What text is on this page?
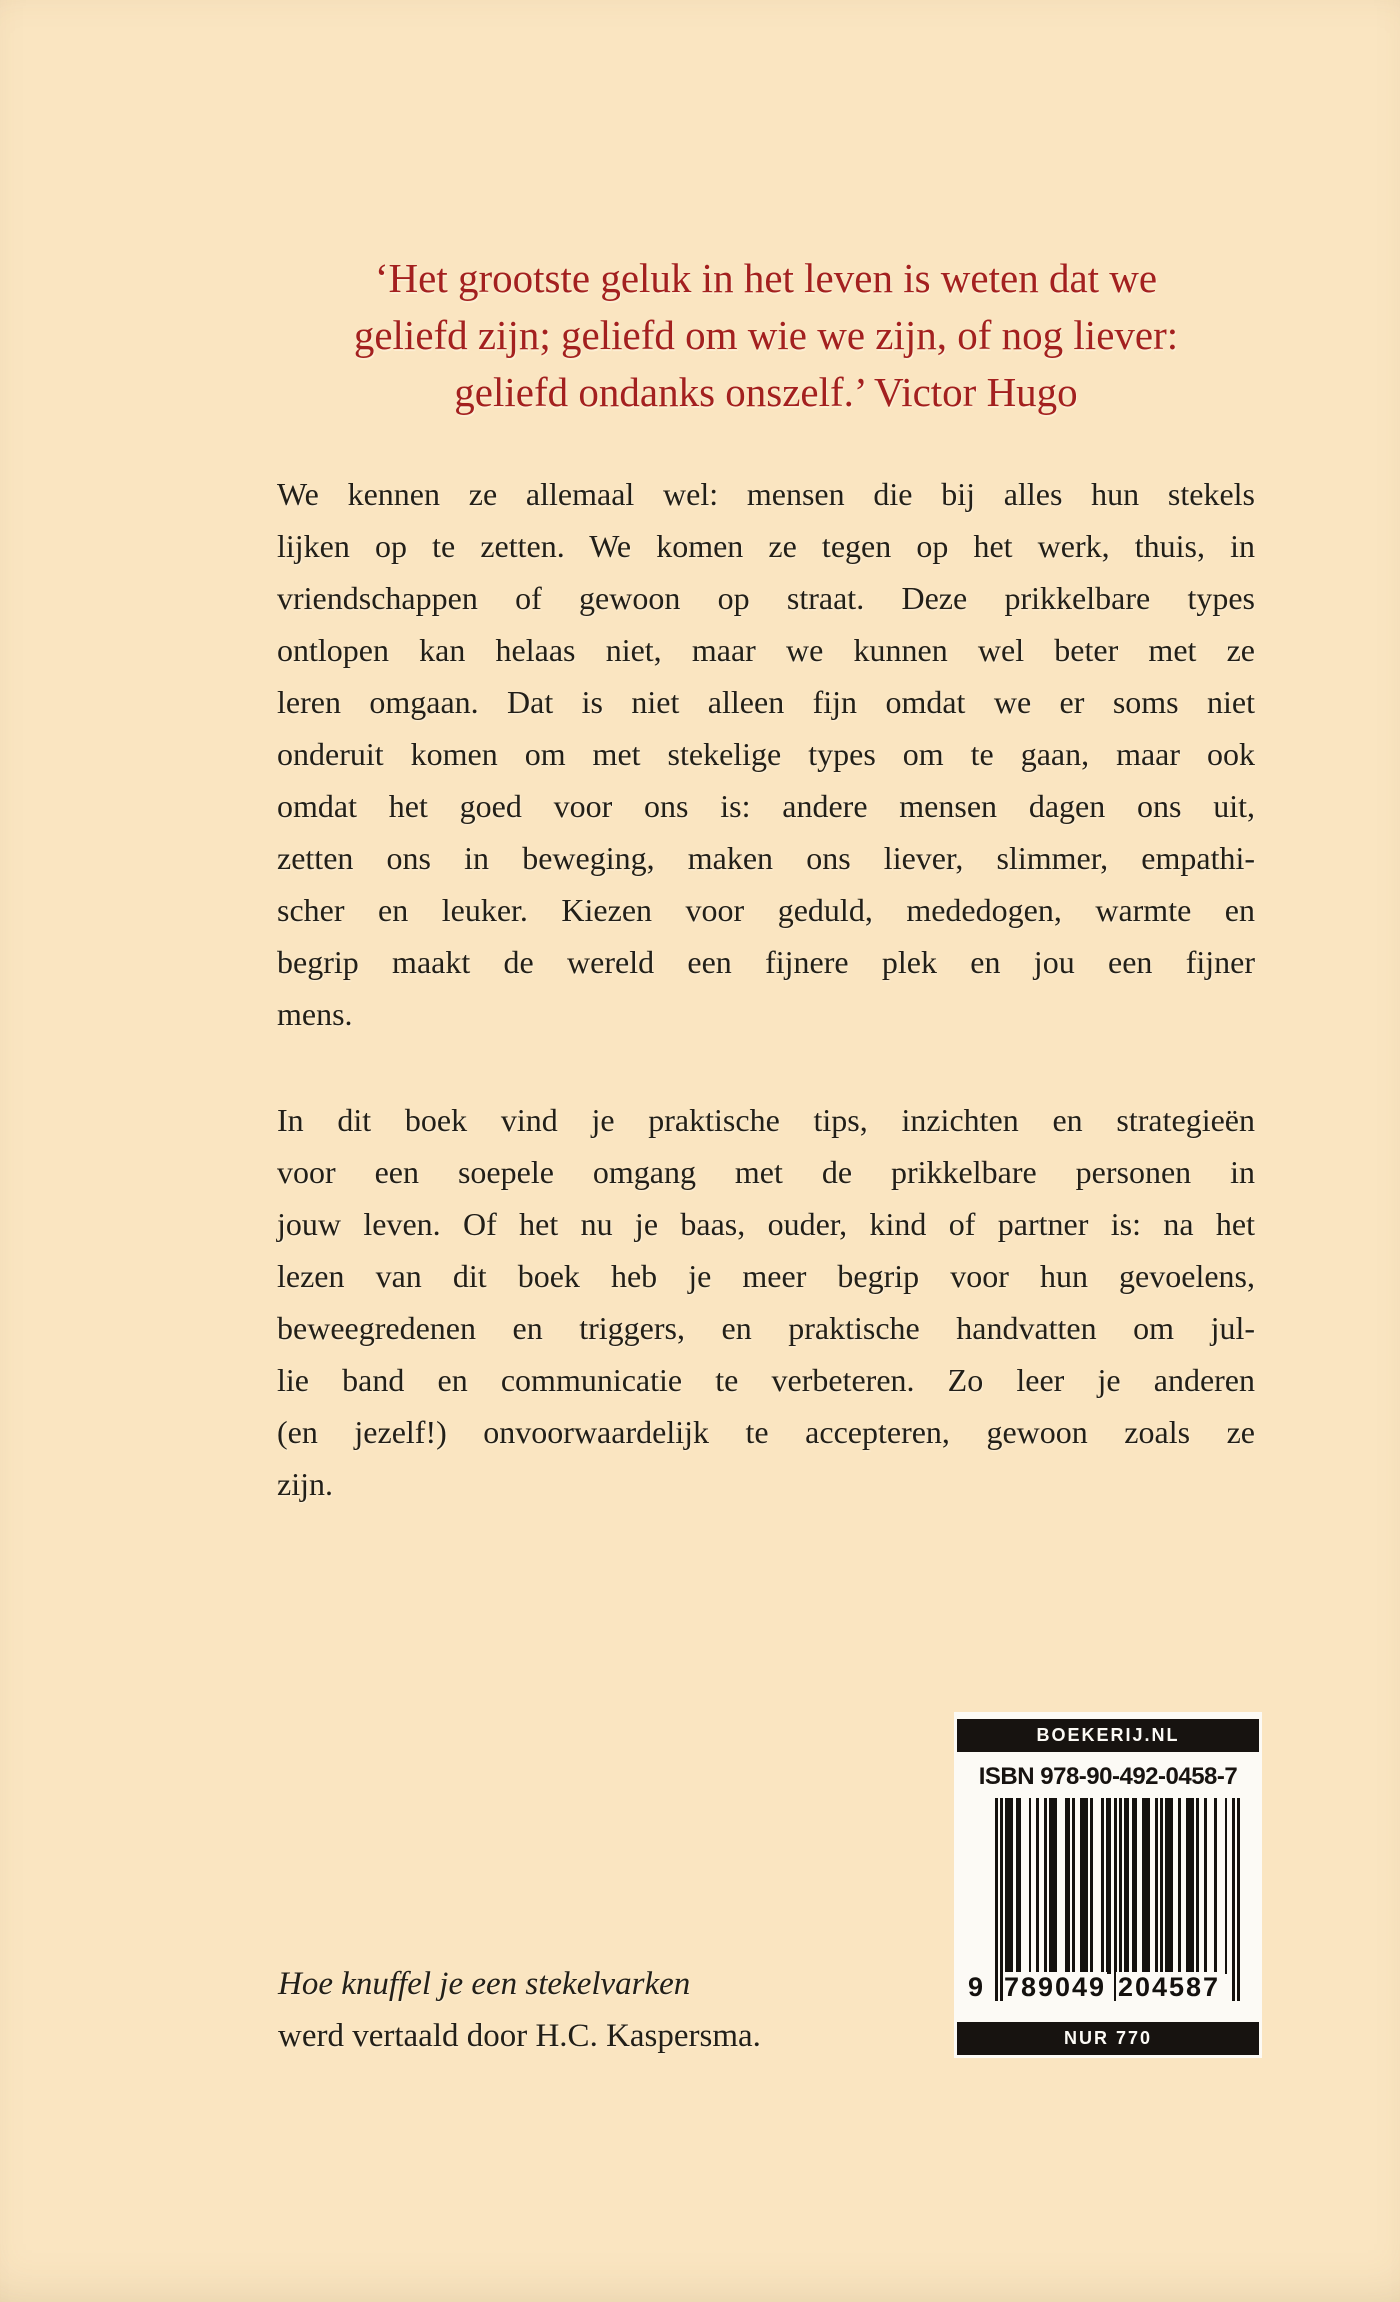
‘Het grootste geluk in het leven is weten dat we
geliefd zijn; geliefd om wie we zijn, of nog liever:
geliefd ondanks onszelf.’ Victor Hugo
We kennen ze allemaal wel: mensen die bij alles hun stekels
lijken op te zetten. We komen ze tegen op het werk, thuis, in
vriendschappen of gewoon op straat. Deze prikkelbare types
ontlopen kan helaas niet, maar we kunnen wel beter met ze
leren omgaan. Dat is niet alleen fijn omdat we er soms niet
onderuit komen om met stekelige types om te gaan, maar ook
omdat het goed voor ons is: andere mensen dagen ons uit,
zetten ons in beweging, maken ons liever, slimmer, empathi-
scher en leuker. Kiezen voor geduld, mededogen, warmte en
begrip maakt de wereld een fijnere plek en jou een fijner
mens.
In dit boek vind je praktische tips, inzichten en strategieën
voor een soepele omgang met de prikkelbare personen in
jouw leven. Of het nu je baas, ouder, kind of partner is: na het
lezen van dit boek heb je meer begrip voor hun gevoelens,
beweegredenen en triggers, en praktische handvatten om jul-
lie band en communicatie te verbeteren. Zo leer je anderen
(en jezelf!) onvoorwaardelijk te accepteren, gewoon zoals ze
zijn.
Hoe knuffel je een stekelvarken
werd vertaald door H.C. Kaspersma.
BOEKERIJ.NL
ISBN 978-90-492-0458-7
9 789049 204587
NUR 770
